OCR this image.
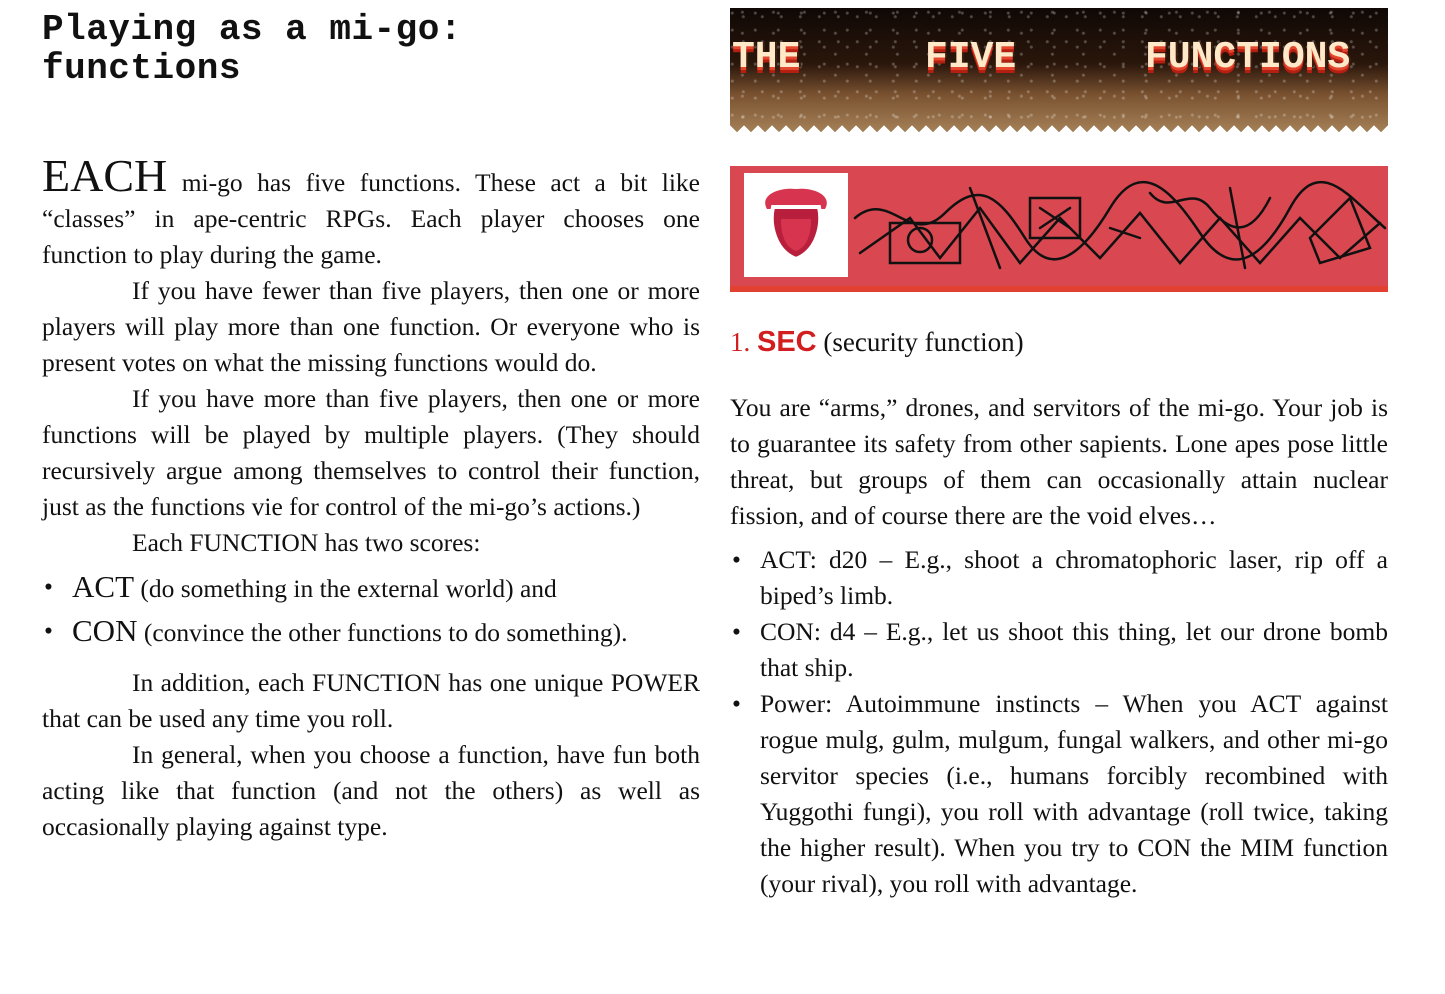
Playing as a mi-go:
functions

EACH mi-go has five functions. These act a bit like “classes” in ape-centric RPGs. Each player chooses one function to play during the game.

If you have fewer than five players, then one or more players will play more than one function. Or everyone who is present votes on what the missing functions would do.

If you have more than five players, then one or more functions will be played by multiple players. (They should recursively argue among themselves to control their function, just as the functions vie for control of the mi-go’s actions.)

Each FUNCTION has two scores:

• ACT (do something in the external world) and
• CON (convince the other functions to do something).

In addition, each FUNCTION has one unique POWER that can be used any time you roll.

In general, when you choose a function, have fun both acting like that function (and not the others) as well as occasionally playing against type.

THE	FIVE	FUNCTIONS

1. SEC (security function)

You are “arms,” drones, and servitors of the mi-go. Your job is to guarantee its safety from other sapients. Lone apes pose little threat, but groups of them can occasionally attain nuclear fission, and of course there are the void elves…

• ACT: d20 – E.g., shoot a chromatophoric laser, rip off a biped’s limb.
• CON: d4 – E.g., let us shoot this thing, let our drone bomb that ship.
• Power: Autoimmune instincts – When you ACT against rogue mulg, gulm, mulgum, fungal walkers, and other mi-go servitor species (i.e., humans forcibly recombined with Yuggothi fungi), you roll with advantage (roll twice, taking the higher result). When you try to CON the MIM function (your rival), you roll with advantage.
